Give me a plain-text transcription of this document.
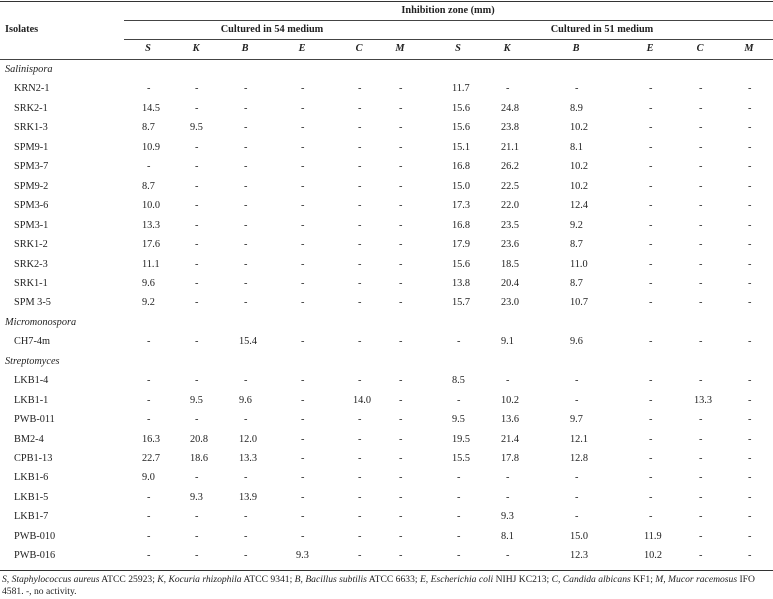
Isolates
Inhibition zone (mm)
Cultured in 54 medium	Cultured in 51 medium
S	K	B	E	C	M	S	K	B	E	C	M
Salinispora
KRN2-1	-	-	-	-	-	-	11.7	-	-	-	-	-
SRK2-1	14.5	-	-	-	-	-	15.6	24.8	8.9	-	-	-
SRK1-3	8.7	9.5	-	-	-	-	15.6	23.8	10.2	-	-	-
SPM9-1	10.9	-	-	-	-	-	15.1	21.1	8.1	-	-	-
SPM3-7	-	-	-	-	-	-	16.8	26.2	10.2	-	-	-
SPM9-2	8.7	-	-	-	-	-	15.0	22.5	10.2	-	-	-
SPM3-6	10.0	-	-	-	-	-	17.3	22.0	12.4	-	-	-
SPM3-1	13.3	-	-	-	-	-	16.8	23.5	9.2	-	-	-
SRK1-2	17.6	-	-	-	-	-	17.9	23.6	8.7	-	-	-
SRK2-3	11.1	-	-	-	-	-	15.6	18.5	11.0	-	-	-
SRK1-1	9.6	-	-	-	-	-	13.8	20.4	8.7	-	-	-
SPM 3-5	9.2	-	-	-	-	-	15.7	23.0	10.7	-	-	-
Micromonospora
CH7-4m	-	-	15.4	-	-	-	-	9.1	9.6	-	-	-
Streptomyces
LKB1-4	-	-	-	-	-	-	8.5	-	-	-	-	-
LKB1-1	-	9.5	9.6	-	14.0	-	-	10.2	-	-	13.3	-
PWB-011	-	-	-	-	-	-	9.5	13.6	9.7	-	-	-
BM2-4	16.3	20.8	12.0	-	-	-	19.5	21.4	12.1	-	-	-
CPB1-13	22.7	18.6	13.3	-	-	-	15.5	17.8	12.8	-	-	-
LKB1-6	9.0	-	-	-	-	-	-	-	-	-	-	-
LKB1-5	-	9.3	13.9	-	-	-	-	-	-	-	-	-
LKB1-7	-	-	-	-	-	-	-	9.3	-	-	-	-
PWB-010	-	-	-	-	-	-	-	8.1	15.0	11.9	-	-
PWB-016	-	-	-	9.3	-	-	-	-	12.3	10.2	-	-
S, Staphylococcus aureus ATCC 25923; K, Kocuria rhizophila ATCC 9341; B, Bacillus subtilis ATCC 6633; E, Escherichia coli NIHJ KC213; C, Candida albicans KF1; M, Mucor racemosus IFO 4581. -, no activity.
